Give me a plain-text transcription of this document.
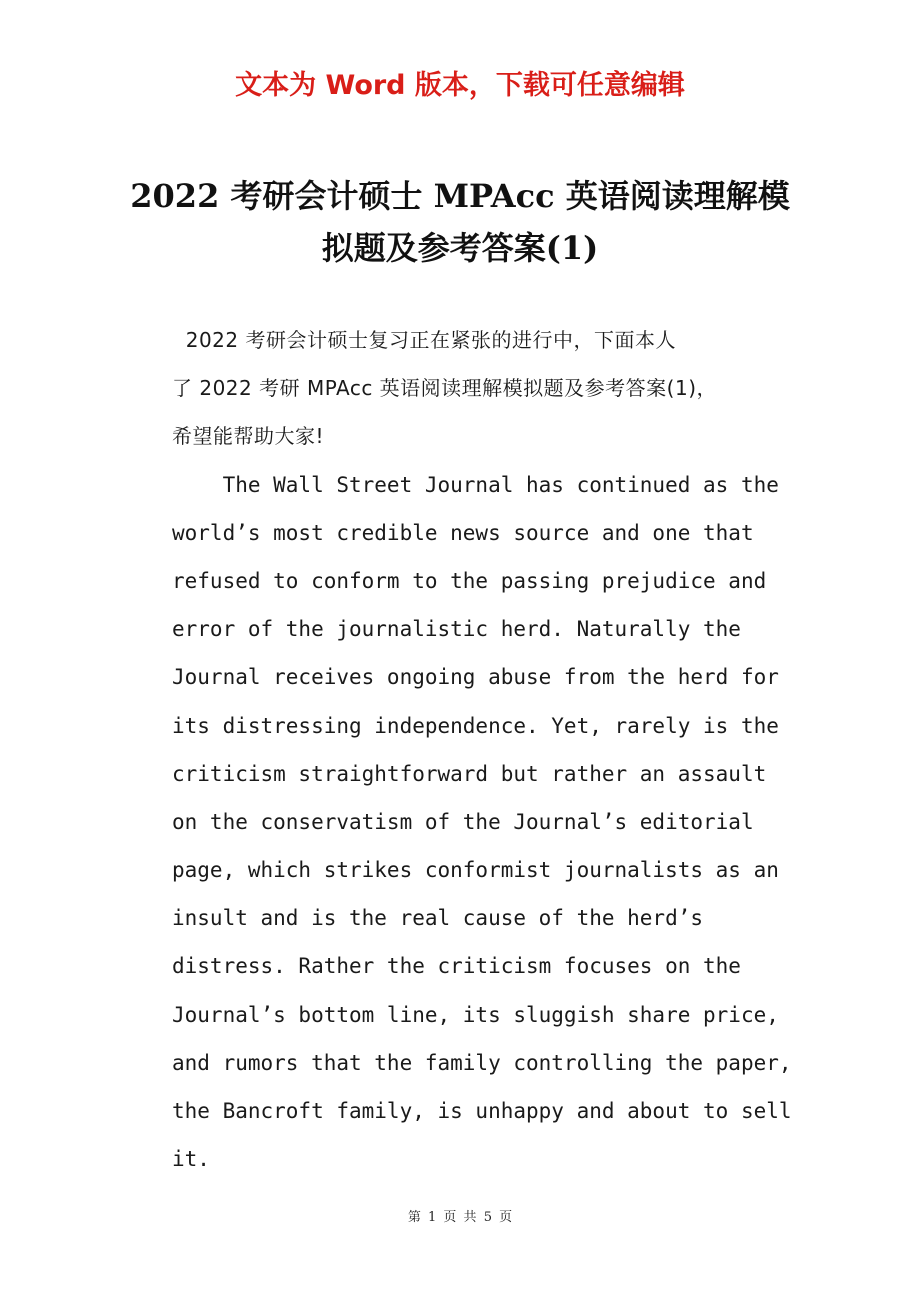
文本为 Word 版本，下载可任意编辑
2022 考研会计硕士 MPAcc 英语阅读理解模
拟题及参考答案(1)
2022 考研会计硕士复习正在紧张的进行中，下面本人
了 2022 考研 MPAcc 英语阅读理解模拟题及参考答案(1)，
希望能帮助大家!
The Wall Street Journal has continued as the
world’s most credible news source and one that
refused to conform to the passing prejudice and
error of the journalistic herd. Naturally the
Journal receives ongoing abuse from the herd for
its distressing independence. Yet, rarely is the
criticism straightforward but rather an assault
on the conservatism of the Journal’s editorial
page, which strikes conformist journalists as an
insult and is the real cause of the herd’s
distress. Rather the criticism focuses on the
Journal’s bottom line, its sluggish share price,
and rumors that the family controlling the paper,
the Bancroft family, is unhappy and about to sell
it.
第 1 页 共 5 页
